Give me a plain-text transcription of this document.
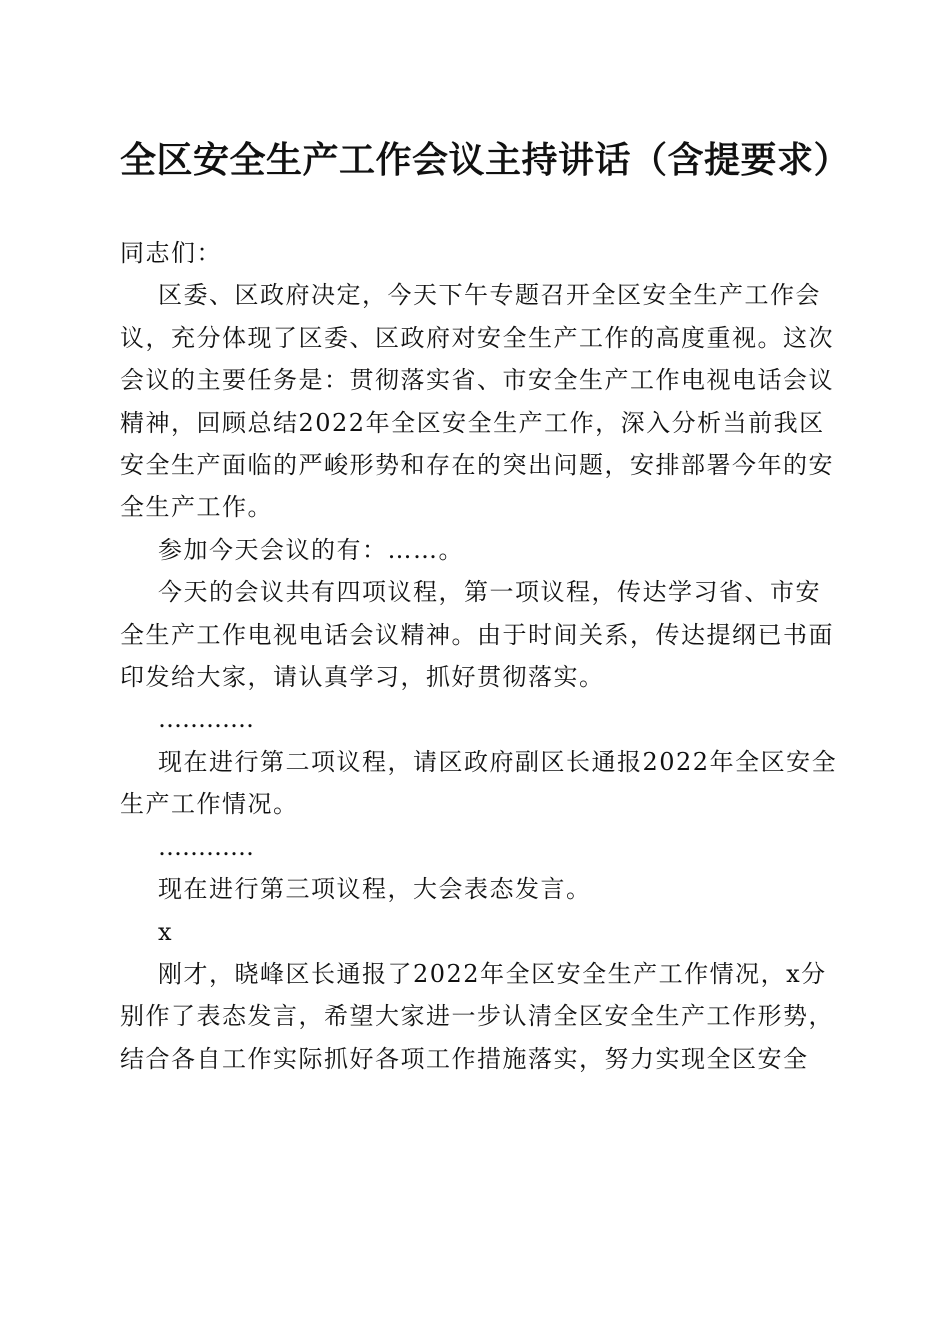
全区安全生产工作会议主持讲话（含提要求）

同志们：

区委、区政府决定，今天下午专题召开全区安全生产工作会议，充分体现了区委、区政府对安全生产工作的高度重视。这次会议的主要任务是：贯彻落实省、市安全生产工作电视电话会议精神，回顾总结2022年全区安全生产工作，深入分析当前我区安全生产面临的严峻形势和存在的突出问题，安排部署今年的安全生产工作。

参加今天会议的有：……。

今天的会议共有四项议程，第一项议程，传达学习省、市安全生产工作电视电话会议精神。由于时间关系，传达提纲已书面印发给大家，请认真学习，抓好贯彻落实。

…………

现在进行第二项议程，请区政府副区长通报2022年全区安全生产工作情况。

…………

现在进行第三项议程，大会表态发言。

x

刚才，晓峰区长通报了2022年全区安全生产工作情况，x分别作了表态发言，希望大家进一步认清全区安全生产工作形势，结合各自工作实际抓好各项工作措施落实，努力实现全区安全
